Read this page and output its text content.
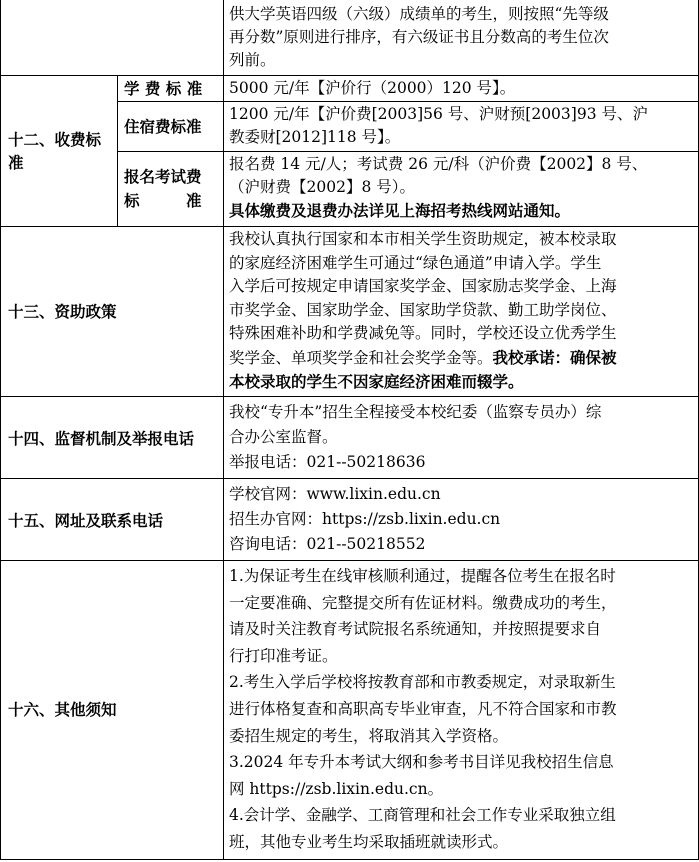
供大学英语四级（六级）成绩单的考生，则按照“先等级
再分数”原则进行排序，有六级证书且分数高的考生位次
列前。
十二、收费标
准
学 费 标 准 5000 元/年【沪价行（2000）120 号】。
住宿费标准
1200 元/年【沪价费[2003]56 号、沪财预[2003]93 号、沪
教委财[2012]118 号】。
报名考试费
标　　　准
报名费 14 元/人；考试费 26 元/科（沪价费【2002】8 号、
（沪财费【2002】8 号）。
具体缴费及退费办法详见上海招考热线网站通知。
十三、资助政策
我校认真执行国家和本市相关学生资助规定，被本校录取
的家庭经济困难学生可通过“绿色通道”申请入学。学生
入学后可按规定申请国家奖学金、国家励志奖学金、上海
市奖学金、国家助学金、国家助学贷款、勤工助学岗位、
特殊困难补助和学费减免等。同时，学校还设立优秀学生
奖学金、单项奖学金和社会奖学金等。我校承诺：确保被
本校录取的学生不因家庭经济困难而辍学。
十四、监督机制及举报电话
我校“专升本”招生全程接受本校纪委（监察专员办）综
合办公室监督。
举报电话：021--50218636
十五、网址及联系电话
学校官网：www.lixin.edu.cn
招生办官网：https://zsb.lixin.edu.cn
咨询电话：021--50218552
十六、其他须知
1.为保证考生在线审核顺利通过，提醒各位考生在报名时
一定要准确、完整提交所有佐证材料。缴费成功的考生，
请及时关注教育考试院报名系统通知，并按照提要求自
行打印准考证。
2.考生入学后学校将按教育部和市教委规定，对录取新生
进行体格复查和高职高专毕业审查，凡不符合国家和市教
委招生规定的考生，将取消其入学资格。
3.2024 年专升本考试大纲和参考书目详见我校招生信息
网 https://zsb.lixin.edu.cn。
4.会计学、金融学、工商管理和社会工作专业采取独立组
班，其他专业考生均采取插班就读形式。
